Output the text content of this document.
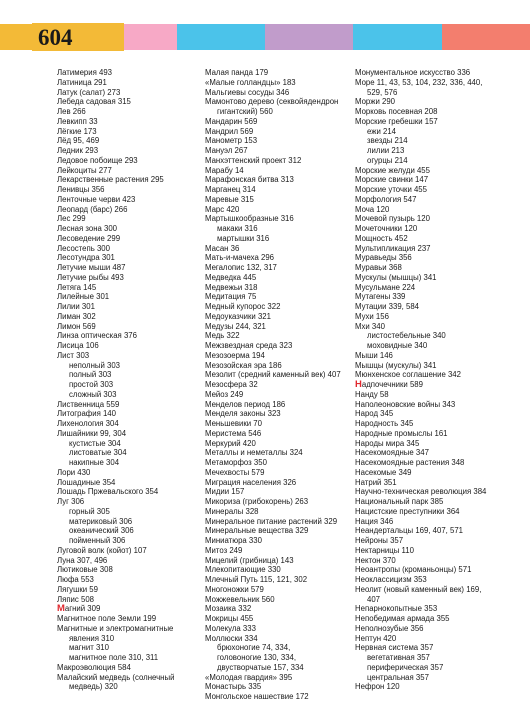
604
Латимерия 493
Латиница 291
Латук (салат) 273
Лебеда садовая 315
Лев 266
Левкипп 33
Лёгкие 173
Лёд 95, 469
Ледник 293
Ледовое побоище 293
Лейкоциты 277
Лекарственные растения 295
Ленивцы 356
Ленточные черви 423
Леопард (барс) 266
Лес 299
Лесная зона 300
Лесоведение 299
Лесостепь 300
Лесотундра 301
Летучие мыши 487
Летучие рыбы 493
Летяга 145
Лилейные 301
Лилии 301
Лиман 302
Лимон 569
Линза оптическая 376
Лисица 106
Лист 303
неполный 303
полный 303
простой 303
сложный 303
Лиственница 559
Литография 140
Лихенология 304
Лишайники 99, 304
кустистые 304
листоватые 304
накипные 304
Лори 430
Лошадиные 354
Лошадь Пржевальского 354
Луг 306
горный 305
материковый 306
океанический 306
пойменный 306
Луговой волк (койот) 107
Луна 307, 496
Лютиковые 308
Люфа 553
Лягушки 59
Ляпис 508
Магний 309
Магнитное поле Земли 199
Магнитные и электромагнитные
явления 310
магнит 310
магнитное поле 310, 311
Макроэволюция 584
Малайский медведь (солнечный
медведь) 320
Малая панда 179
«Малые голландцы» 183
Мальгиевы сосуды 346
Мамонтово дерево (секвойядендрон
гигантский) 560
Мандарин 569
Мандрил 569
Манометр 153
Мануэл 267
Манхэттенский проект 312
Марабу 14
Марафонская битва 313
Марганец 314
Маревые 315
Марс 420
Мартышкообразные 316
макаки 316
мартышки 316
Масан 36
Мать-и-мачеха 296
Мегалопис 132, 317
Медведка 445
Медвежьи 318
Медитация 75
Медный купорос 322
Медоуказчики 321
Медузы 244, 321
Медь 322
Межзвездная среда 323
Мезозоерма 194
Мезозойская эра 186
Мезолит (средний каменный век) 407
Мезосфера 32
Мейоз 249
Менделов период 186
Менделя законы 323
Меньшевики 70
Меристема 546
Меркурий 420
Металлы и неметаллы 324
Метаморфоз 350
Мечехвосты 579
Миграция населения 326
Мидии 157
Микориза (грибокорень) 263
Минералы 328
Минеральное питание растений 329
Минеральные вещества 329
Миниатюра 330
Митоз 249
Мицелий (грибница) 143
Млекопитающие 330
Млечный Путь 115, 121, 302
Многоножки 579
Можжевельник 560
Мозаика 332
Мокрицы 455
Молекула 333
Моллюски 334
брюхоногие 74, 334,
головоногие 130, 334,
двустворчатые 157, 334
«Молодая гвардия» 395
Монастырь 335
Монгольское нашествие 172
Монументальное искусство 336
Море 11, 43, 53, 104, 232, 336, 440,
529, 576
Моржи 290
Морковь посевная 208
Морские гребешки 157
ежи 214
звезды 214
лилии 213
огурцы 214
Морские желуди 455
Морские свинки 147
Морские уточки 455
Морфология 547
Моча 120
Мочевой пузырь 120
Мочеточники 120
Мощность 452
Мультипликация 237
Муравьеды 356
Муравьи 368
Мускулы (мышцы) 341
Мусульмане 224
Мутагены 339
Мутации 339, 584
Мухи 156
Мхи 340
листостебельные 340
моховидные 340
Мыши 146
Мышцы (мускулы) 341
Мюнхенское соглашение 342
Надпочечники 589
Нанду 58
Наполеоновские войны 343
Народ 345
Народность 345
Народные промыслы 161
Народы мира 345
Насекомоядные 347
Насекомоядные растения 348
Насекомые 349
Натрий 351
Научно-техническая революция 384
Национальный парк 385
Нацистские преступники 364
Нация 346
Неандертальцы 169, 407, 571
Нейроны 357
Нектарницы 110
Нектон 370
Неоантропы (кроманьонцы) 571
Неоклассицизм 353
Неолит (новый каменный век) 169,
407
Непарнокопытные 353
Непобедимая армада 355
Неполнозубые 356
Нептун 420
Нервная система 357
вегетативная 357
периферическая 357
центральная 357
Нефрон 120
